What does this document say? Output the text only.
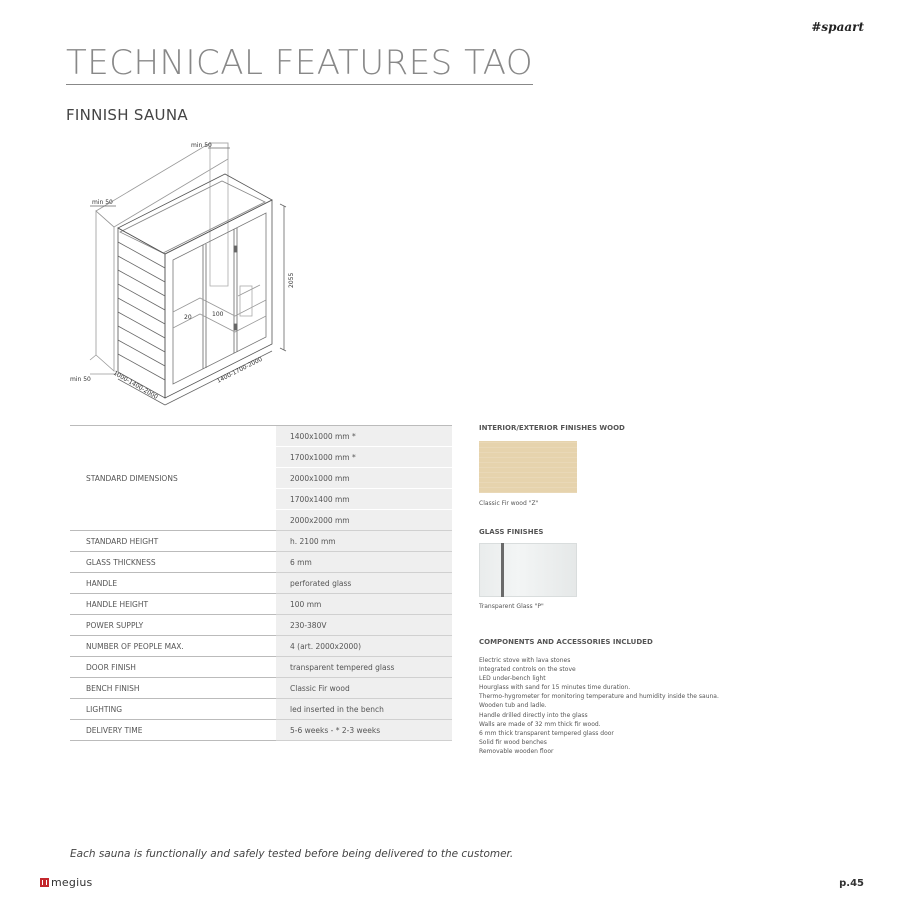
#spaart
TECHNICAL FEATURES TAO
FINNISH SAUNA
min 50
min 50
min 50
2055
1000-1400-2000	1400-1700-2000
20	100
STANDARD DIMENSIONS	1400x1000 mm *
	1700x1000 mm *
	2000x1000 mm
	1700x1400 mm
	2000x2000 mm
STANDARD HEIGHT	h. 2100 mm
GLASS THICKNESS	6 mm
HANDLE	perforated glass
HANDLE HEIGHT	100 mm
POWER SUPPLY	230-380V
NUMBER OF PEOPLE MAX.	4 (art. 2000x2000)
DOOR FINISH	transparent tempered glass
BENCH FINISH	Classic Fir wood
LIGHTING	led inserted in the bench
DELIVERY TIME	5-6 weeks - * 2-3 weeks
INTERIOR/EXTERIOR FINISHES WOOD
Classic Fir wood "Z"
GLASS FINISHES
Transparent Glass "P"
COMPONENTS AND ACCESSORIES INCLUDED
Electric stove with lava stones
Integrated controls on the stove
LED under-bench light
Hourglass with sand for 15 minutes time duration.
Thermo-hygrometer for monitoring temperature and humidity inside the sauna.
Wooden tub and ladle.
Handle drilled directly into the glass
Walls are made of 32 mm thick fir wood.
6 mm thick transparent tempered glass door
Solid fir wood benches
Removable wooden floor
Each sauna is functionally and safely tested before being delivered to the customer.
megius	p.45
